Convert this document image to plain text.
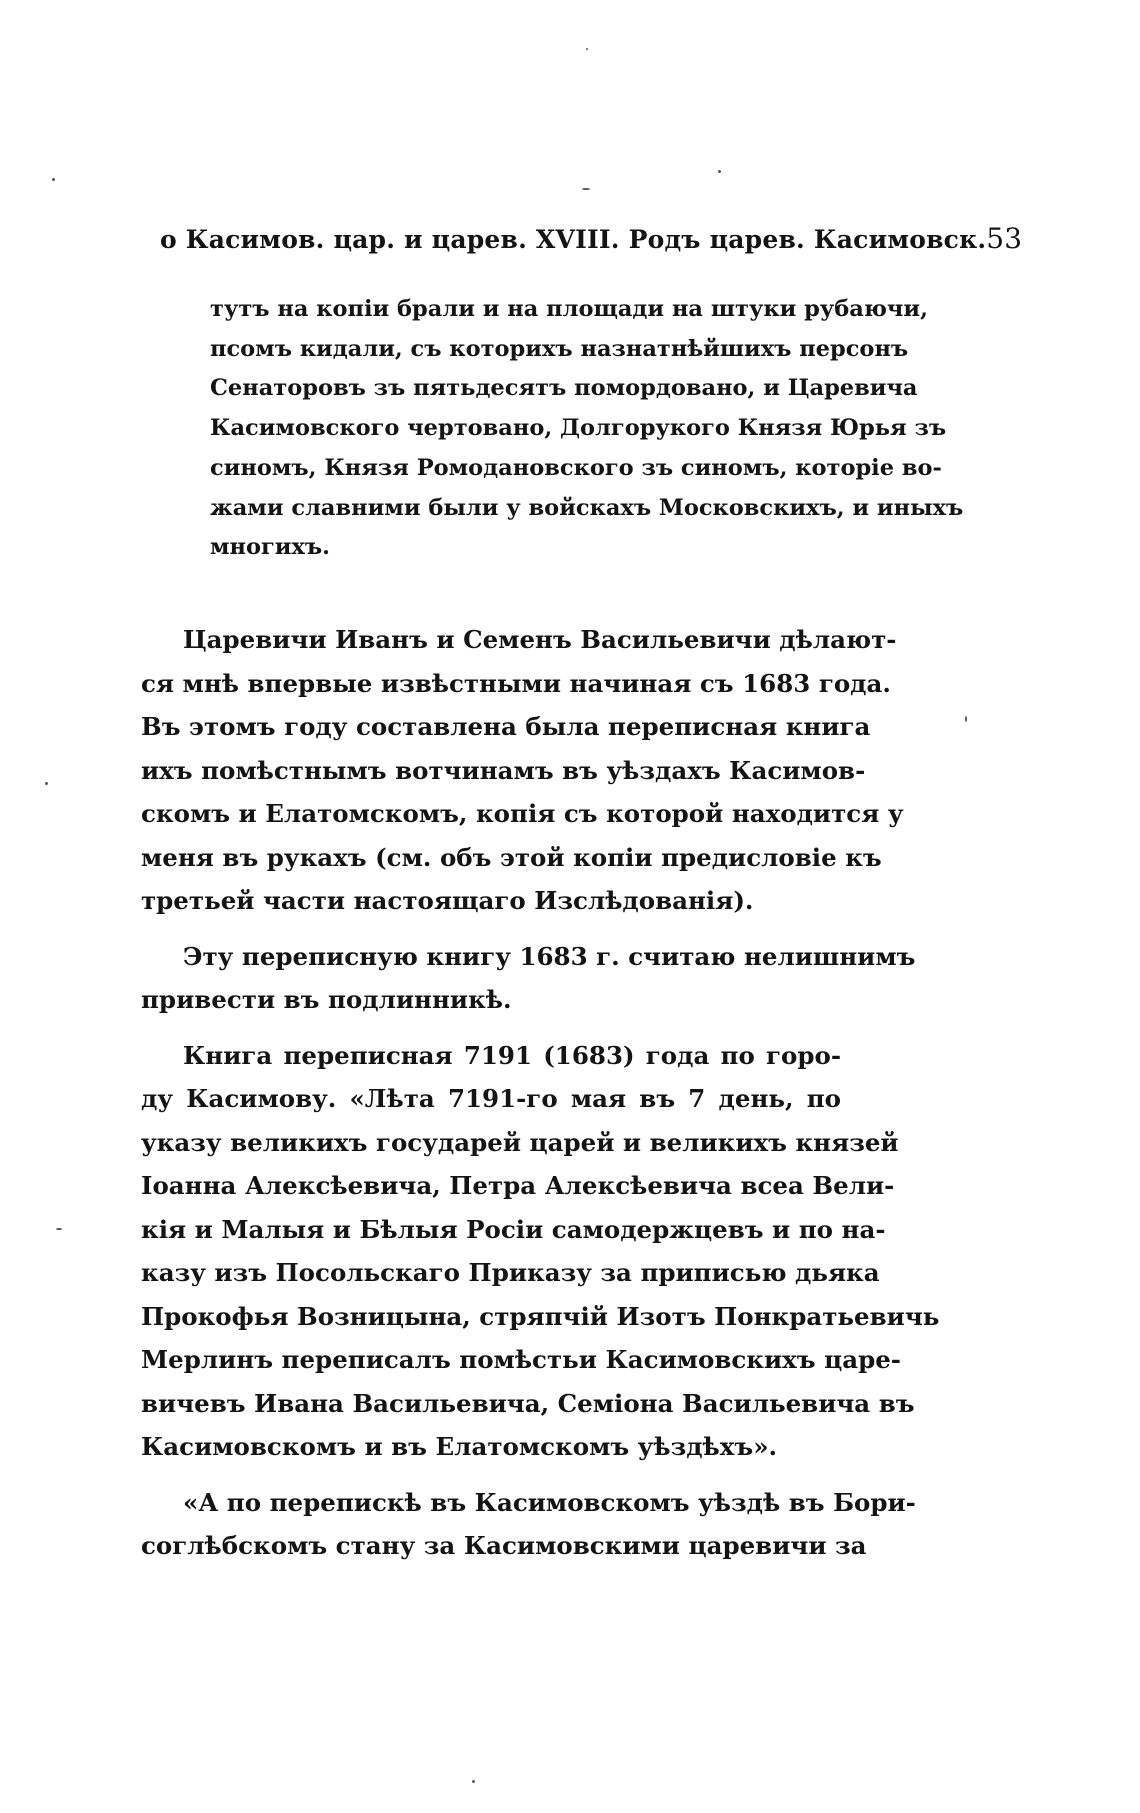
о Касимов. цар. и царев. XVIII. Родъ царев. Касимовск. 53
тутъ на копіи брали и на площади на штуки рубаючи,
псомъ кидали, съ которихъ назнатнѣйшихъ персонъ
Сенаторовъ зъ пятьдесятъ помордовано, и Царевича
Касимовского чертовано, Долгорукого Князя Юрья зъ
синомъ, Князя Ромодановского зъ синомъ, которіе во-
жами славними были у войскахъ Московскихъ, и иныхъ
многихъ.
Царевичи Иванъ и Семенъ Васильевичи дѣлают-
ся мнѣ впервые извѣстными начиная съ 1683 года.
Въ этомъ году составлена была переписная книга
ихъ помѣстнымъ вотчинамъ въ уѣздахъ Касимов-
скомъ и Елатомскомъ, копія съ которой находится у
меня въ рукахъ (см. объ этой копіи предисловіе къ
третьей части настоящаго Изслѣдованія).
Эту переписную книгу 1683 г. считаю нелишнимъ
привести въ подлинникѣ.
Книга переписная 7191 (1683) года по горо-
ду Касимову. «Лѣта 7191-го мая въ 7 день, по
указу великихъ государей царей и великихъ князей
Іоанна Алексѣевича, Петра Алексѣевича всеа Вели-
кія и Малыя и Бѣлыя Росіи самодержцевъ и по на-
казу изъ Посольскаго Приказу за приписью дьяка
Прокофья Возницына, стряпчій Изотъ Понкратьевичь
Мерлинъ переписалъ помѣстьи Касимовскихъ царе-
вичевъ Ивана Васильевича, Семіона Васильевича въ
Касимовскомъ и въ Елатомскомъ уѣздѣхъ».
«А по перепискѣ въ Касимовскомъ уѣздѣ въ Бори-
соглѣбскомъ стану за Касимовскими царевичи за
